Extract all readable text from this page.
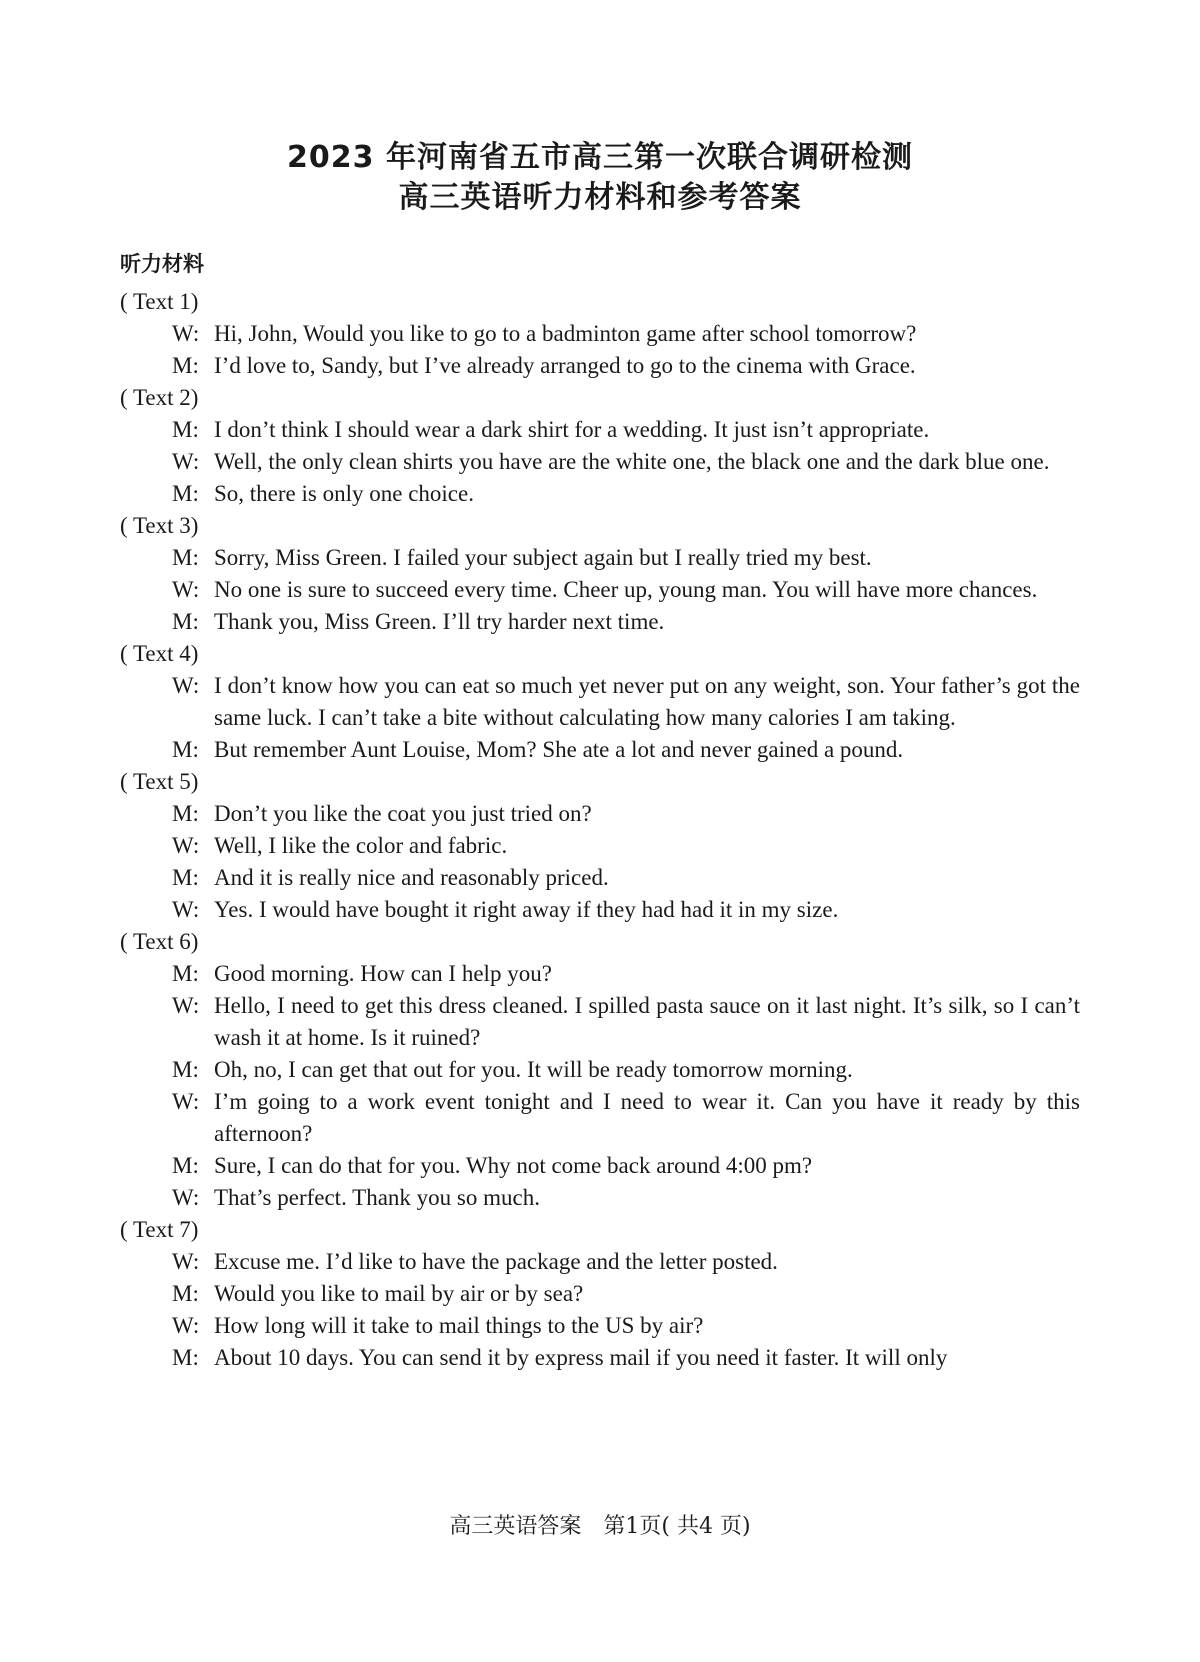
2023 年河南省五市高三第一次联合调研检测
高三英语听力材料和参考答案
听力材料
( Text 1)
W: Hi, John, Would you like to go to a badminton game after school tomorrow?
M: I’d love to, Sandy, but I’ve already arranged to go to the cinema with Grace.
( Text 2)
M: I don’t think I should wear a dark shirt for a wedding. It just isn’t appropriate.
W: Well, the only clean shirts you have are the white one, the black one and the dark blue one.
M: So, there is only one choice.
( Text 3)
M: Sorry, Miss Green. I failed your subject again but I really tried my best.
W: No one is sure to succeed every time. Cheer up, young man. You will have more chances.
M: Thank you, Miss Green. I’ll try harder next time.
( Text 4)
W: I don’t know how you can eat so much yet never put on any weight, son. Your father’s got the same luck. I can’t take a bite without calculating how many calories I am taking.
M: But remember Aunt Louise, Mom? She ate a lot and never gained a pound.
( Text 5)
M: Don’t you like the coat you just tried on?
W: Well, I like the color and fabric.
M: And it is really nice and reasonably priced.
W: Yes. I would have bought it right away if they had had it in my size.
( Text 6)
M: Good morning. How can I help you?
W: Hello, I need to get this dress cleaned. I spilled pasta sauce on it last night. It’s silk, so I can’t wash it at home. Is it ruined?
M: Oh, no, I can get that out for you. It will be ready tomorrow morning.
W: I’m going to a work event tonight and I need to wear it. Can you have it ready by this afternoon?
M: Sure, I can do that for you. Why not come back around 4:00 pm?
W: That’s perfect. Thank you so much.
( Text 7)
W: Excuse me. I’d like to have the package and the letter posted.
M: Would you like to mail by air or by sea?
W: How long will it take to mail things to the US by air?
M: About 10 days. You can send it by express mail if you need it faster. It will only
高三英语答案　第1页( 共4 页)
